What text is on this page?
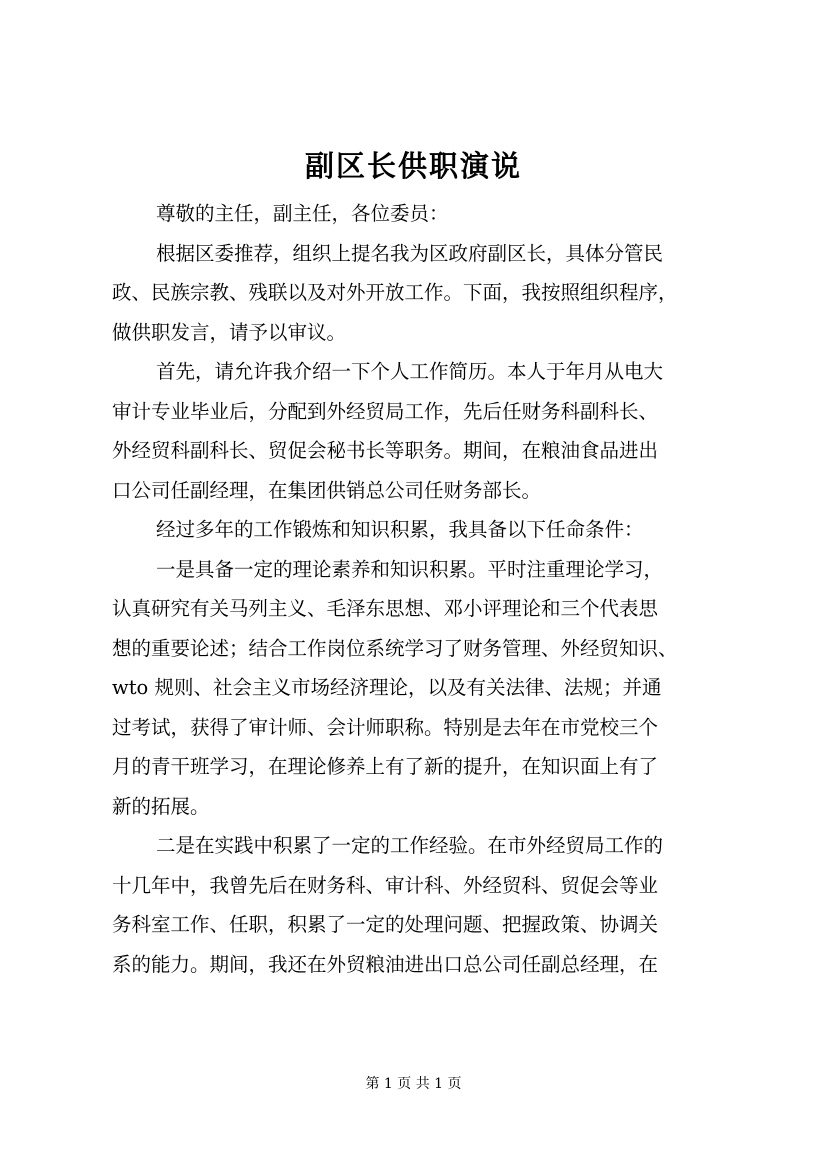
副区长供职演说
尊敬的主任，副主任，各位委员：
根据区委推荐，组织上提名我为区政府副区长，具体分管民
政、民族宗教、残联以及对外开放工作。下面，我按照组织程序，
做供职发言，请予以审议。
首先，请允许我介绍一下个人工作简历。本人于年月从电大
审计专业毕业后，分配到外经贸局工作，先后任财务科副科长、
外经贸科副科长、贸促会秘书长等职务。期间，在粮油食品进出
口公司任副经理，在集团供销总公司任财务部长。
经过多年的工作锻炼和知识积累，我具备以下任命条件：
一是具备一定的理论素养和知识积累。平时注重理论学习，
认真研究有关马列主义、毛泽东思想、邓小评理论和三个代表思
想的重要论述；结合工作岗位系统学习了财务管理、外经贸知识、
wto 规则、社会主义市场经济理论，以及有关法律、法规；并通
过考试，获得了审计师、会计师职称。特别是去年在市党校三个
月的青干班学习，在理论修养上有了新的提升，在知识面上有了
新的拓展。
二是在实践中积累了一定的工作经验。在市外经贸局工作的
十几年中，我曾先后在财务科、审计科、外经贸科、贸促会等业
务科室工作、任职，积累了一定的处理问题、把握政策、协调关
系的能力。期间，我还在外贸粮油进出口总公司任副总经理，在
第 1 页 共 1 页
